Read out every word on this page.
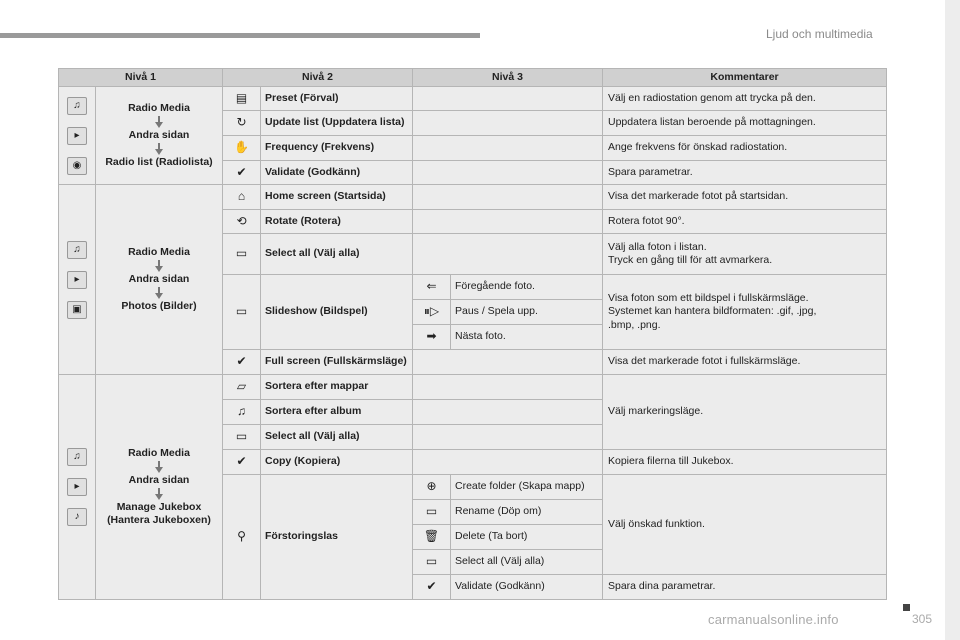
Ljud och multimedia
Nivå 1		Nivå 2		Nivå 3		Kommentarer
♫
▸
◉	Radio Media
Andra sidan
Radio list (Radiolista)	▤	Preset (Förval)			Välj en radiostation genom att trycka på den.
		↻	Update list (Uppdatera lista)			Uppdatera listan beroende på mottagningen.
		✋	Frequency (Frekvens)			Ange frekvens för önskad radiostation.
		✔	Validate (Godkänn)			Spara parametrar.
♫
▸
▣	Radio Media
Andra sidan
Photos (Bilder)	⌂	Home screen (Startsida)			Visa det markerade fotot på startsidan.
		⟲	Rotate (Rotera)			Rotera fotot 90°.
		▭	Select all (Välj alla)			Välj alla foton i listan.
Tryck en gång till för att avmarkera.

		▭	Slideshow (Bildspel)	⇐	Föregående foto.	Visa foton som ett bildspel i fullskärmsläge.
Systemet kan hantera bildformaten: .gif, .jpg,
.bmp, .png.

				⏸▷	Paus / Spela upp.	
				➡	Nästa foto.	
		✔	Full screen (Fullskärmsläge)			Visa det markerade fotot i fullskärmsläge.
♫
▸
♪	Radio Media
Andra sidan
Manage Jukebox (Hantera Jukeboxen)	▱	Sortera efter mappar			Välj markeringsläge.
		♫	Sortera efter album			
		▭	Select all (Välj alla)			
		✔	Copy (Kopiera)			Kopiera filerna till Jukebox.
		⚲	Förstoringslas	⊕	Create folder (Skapa mapp)	Välj önskad funktion.
				▭	Rename (Döp om)	
				🗑	Delete (Ta bort)	
				▭	Select all (Välj alla)	
				✔	Validate (Godkänn)	Spara dina parametrar.
carmanualsonline.info	305
